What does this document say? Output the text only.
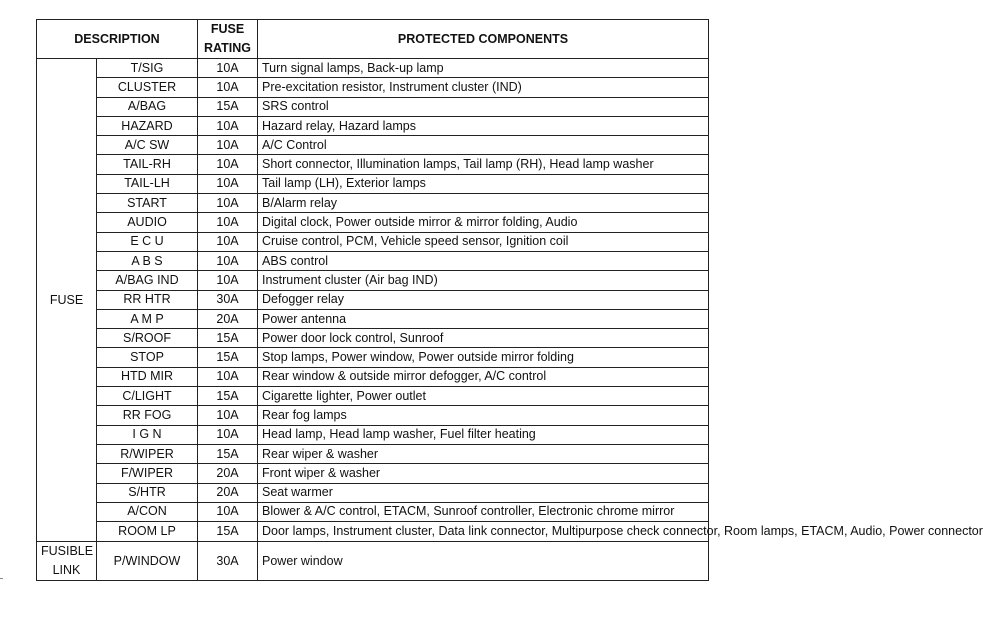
DESCRIPTION		FUSE
RATING	PROTECTED COMPONENTS
FUSE	T/SIG	10A	Turn signal lamps, Back-up lamp
	CLUSTER	10A	Pre-excitation resistor, Instrument cluster (IND)
	A/BAG	15A	SRS control
	HAZARD	10A	Hazard relay, Hazard lamps
	A/C SW	10A	A/C Control
	TAIL-RH	10A	Short connector, Illumination lamps, Tail lamp (RH), Head lamp washer
	TAIL-LH	10A	Tail lamp (LH), Exterior lamps
	START	10A	B/Alarm relay
	AUDIO	10A	Digital clock, Power outside mirror & mirror folding, Audio
	E C U	10A	Cruise control, PCM, Vehicle speed sensor, Ignition coil
	A B S	10A	ABS control
	A/BAG IND	10A	Instrument cluster (Air bag IND)
	RR HTR	30A	Defogger relay
	A M P	20A	Power antenna
	S/ROOF	15A	Power door lock control, Sunroof
	STOP	15A	Stop lamps, Power window, Power outside mirror folding
	HTD MIR	10A	Rear window & outside mirror defogger, A/C control
	C/LIGHT	15A	Cigarette lighter, Power outlet
	RR FOG	10A	Rear fog lamps
	I G N	10A	Head lamp, Head lamp washer, Fuel filter heating
	R/WIPER	15A	Rear wiper & washer
	F/WIPER	20A	Front wiper & washer
	S/HTR	20A	Seat warmer
	A/CON	10A	Blower & A/C control, ETACM, Sunroof controller, Electronic chrome mirror
	ROOM LP	15A	Door lamps, Instrument cluster, Data link connector, Multipurpose check connector, Room lamps, ETACM, Audio, Power connector
FUSIBLE
LINK	P/WINDOW	30A	Power window
